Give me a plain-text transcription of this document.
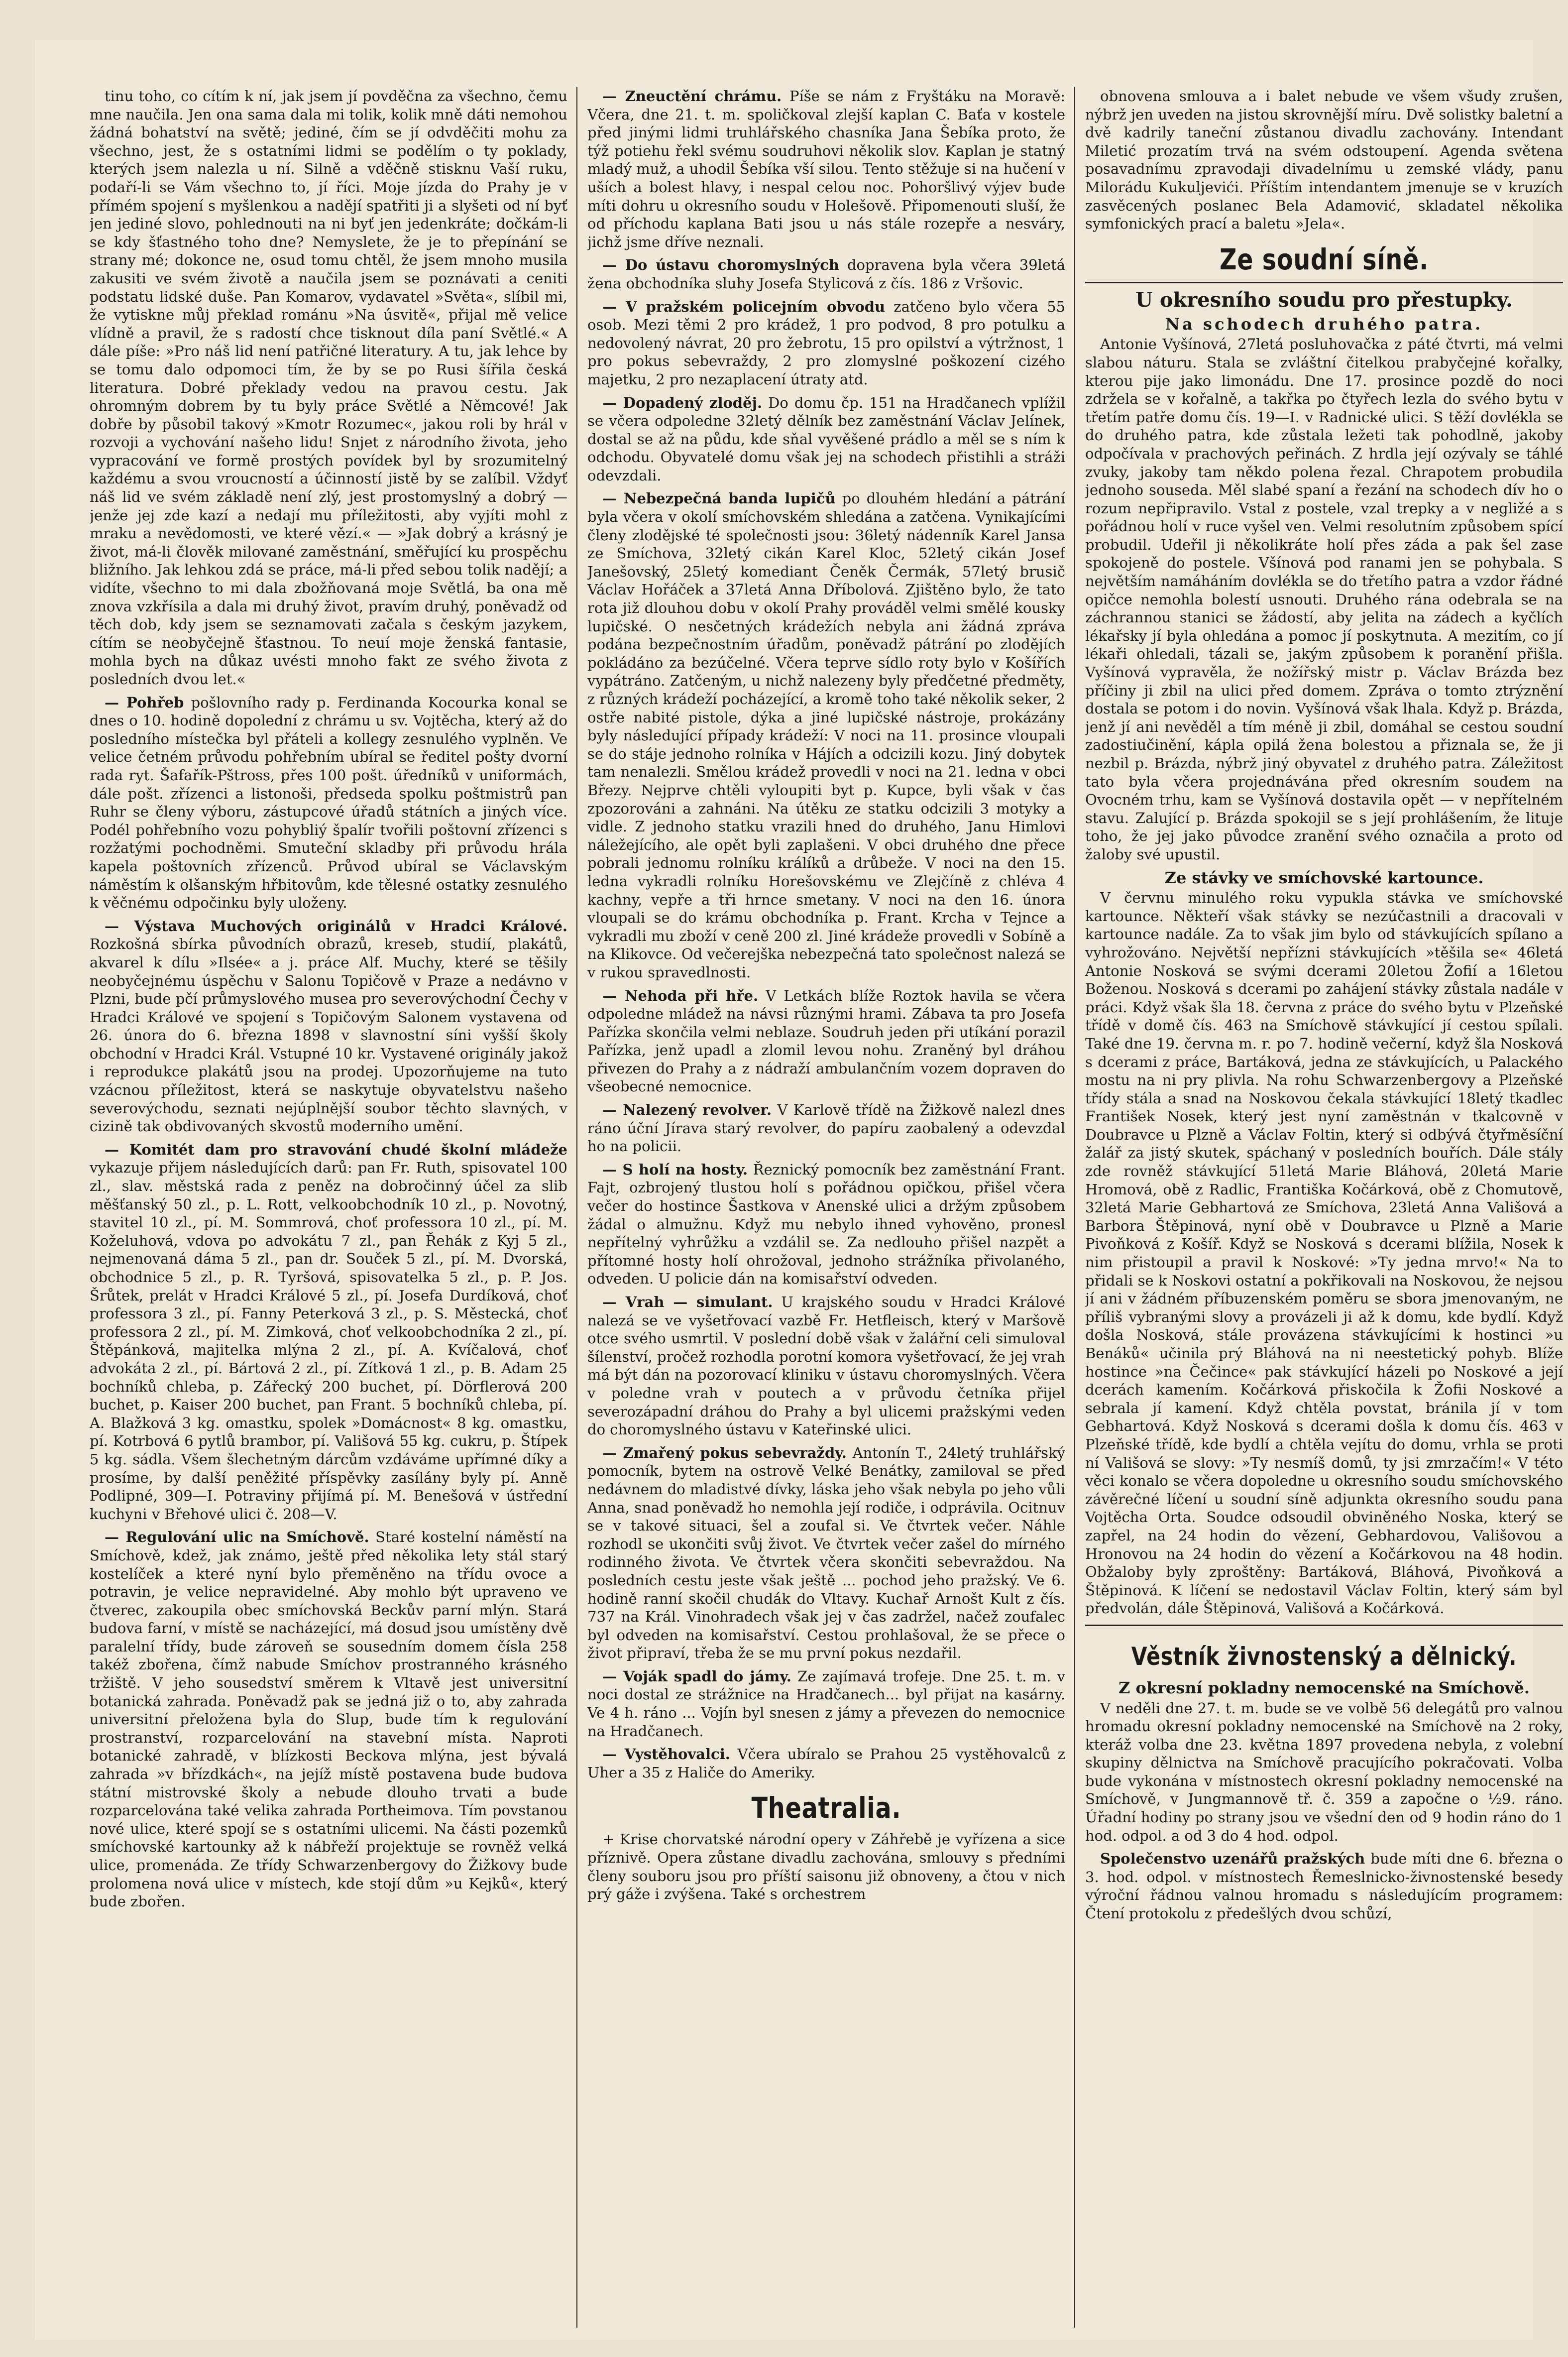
tinu toho, co cítím k ní, jak jsem jí povděčna za všechno, čemu mne naučila. Jen ona sama dala mi tolik, kolik mně dáti nemohou žádná bohatství na světě; jediné, čím se jí odvděčiti mohu za všechno, jest, že s ostatními lidmi se podělím o ty poklady, kterých jsem nalezla u ní. Silně a vděčně stisknu Vaší ruku, podaří-li se Vám všechno to, jí říci. Moje jízda do Prahy je v přímém spojení s myšlenkou a nadějí spatřiti ji a slyšeti od ní byť jen jediné slovo, pohlednouti na ni byť jen jedenkráte; dočkám-li se kdy šťastného toho dne? Nemyslete, že je to přepínání se strany mé; dokonce ne, osud tomu chtěl, že jsem mnoho musila zakusiti ve svém životě a naučila jsem se poznávati a ceniti podstatu lidské duše. Pan Komarov, vydavatel »Světa«, slíbil mi, že vytiskne můj překlad románu »Na úsvitě«, přijal mě velice vlídně a pravil, že s radostí chce tisknout díla paní Světlé.« A dále píše: »Pro náš lid není patřičné literatury. A tu, jak lehce by se tomu dalo odpomoci tím, že by se po Rusi šířila česká literatura. Dobré překlady vedou na pravou cestu. Jak ohromným dobrem by tu byly práce Světlé a Němcové! Jak dobře by působil takový »Kmotr Rozumec«, jakou roli by hrál v rozvoji a vychování našeho lidu! Snjet z národního života, jeho vypracování ve formě prostých povídek byl by srozumitelný každému a svou vroucností a účinností jistě by se zalíbil. Vždyť náš lid ve svém základě není zlý, jest prostomyslný a dobrý — jenže jej zde kazí a nedají mu příležitosti, aby vyjíti mohl z mraku a nevědomosti, ve které vězí.« — »Jak dobrý a krásný je život, má-li člověk milované zaměstnání, směřující ku prospěchu bližního. Jak lehkou zdá se práce, má-li před sebou tolik nadějí; a vidíte, všechno to mi dala zbožňovaná moje Světlá, ba ona mě znova vzkřísila a dala mi druhý život, pravím druhý, poněvadž od těch dob, kdy jsem se seznamovati začala s českým jazykem, cítím se neobyčejně šťastnou. To neuí moje ženská fantasie, mohla bych na důkaz uvésti mnoho fakt ze svého života z posledních dvou let.«

— Pohřeb pošlovního rady p. Ferdinanda Kocourka konal se dnes o 10. hodině dopolední z chrámu u sv. Vojtěcha, který až do posledního místečka byl přáteli a kollegy zesnulého vyplněn. Ve velice četném průvodu pohřebním ubíral se ředitel pošty dvorní rada ryt. Šafařík-Pštross, přes 100 pošt. úředníků v uniformách, dále pošt. zřízenci a listonoši, předseda spolku poštmistrů pan Ruhr se členy výboru, zástupcové úřadů státních a jiných více. Podél pohřebního vozu pohybliý špalír tvořili poštovní zřízenci s rozžatými pochodněmi. Smuteční skladby při průvodu hrála kapela poštovních zřízenců. Průvod ubíral se Václavským náměstím k olšanským hřbitovům, kde tělesné ostatky zesnulého k věčnému odpočinku byly uloženy.

— Výstava Muchových originálů v Hradci Králové. Rozkošná sbírka původních obrazů, kreseb, studií, plakátů, akvarel k dílu »Ilsée« a j. práce Alf. Muchy, které se těšily neobyčejnému úspěchu v Salonu Topičově v Praze a nedávno v Plzni, bude pčí průmyslového musea pro severovýchodní Čechy v Hradci Králové ve spojení s Topičovým Salonem vystavena od 26. února do 6. března 1898 v slavnostní síni vyšší školy obchodní v Hradci Král. Vstupné 10 kr. Vystavené originály jakož i reprodukce plakátů jsou na prodej. Upozorňujeme na tuto vzácnou příležitost, která se naskytuje obyvatelstvu našeho severovýchodu, seznati nejúplnější soubor těchto slavných, v cizině tak obdivovaných skvostů moderního umění.

— Komitét dam pro stravování chudé školní mládeže vykazuje přijem následujících darů: pan Fr. Ruth, spisovatel 100 zl., slav. městská rada z peněz na dobročinný účel za slib měšťanský 50 zl., p. L. Rott, velkoobchodník 10 zl., p. Novotný, stavitel 10 zl., pí. M. Sommrová, choť professora 10 zl., pí. M. Koželuhová, vdova po advokátu 7 zl., pan Řehák z Kyj 5 zl., nejmenovaná dáma 5 zl., pan dr. Souček 5 zl., pí. M. Dvorská, obchodnice 5 zl., p. R. Tyršová, spisovatelka 5 zl., p. P. Jos. Šrůtek, prelát v Hradci Králové 5 zl., pí. Josefa Durdíková, choť professora 3 zl., pí. Fanny Peterková 3 zl., p. S. Městecká, choť professora 2 zl., pí. M. Zimková, choť velkoobchodníka 2 zl., pí. Štěpánková, majitelka mlýna 2 zl., pí. A. Kvíčalová, choť advokáta 2 zl., pí. Bártová 2 zl., pí. Zítková 1 zl., p. B. Adam 25 bochníků chleba, p. Zářecký 200 buchet, pí. Dörflerová 200 buchet, p. Kaiser 200 buchet, pan Frant. 5 bochníků chleba, pí. A. Blažková 3 kg. omastku, spolek »Domácnost« 8 kg. omastku, pí. Kotrbová 6 pytlů brambor, pí. Vališová 55 kg. cukru, p. Štípek 5 kg. sádla. Všem šlechetným dárcům vzdáváme upřímné díky a prosíme, by další peněžité příspěvky zasílány byly pí. Anně Podlipné, 309—I. Potraviny přijímá pí. M. Benešová v ústřední kuchyni v Břehové ulici č. 208—V.

— Regulování ulic na Smíchově. Staré kostelní náměstí na Smíchově, kdež, jak známo, ještě před několika lety stál starý kostelíček a které nyní bylo přeměněno na třídu ovoce a potravin, je velice nepravidelné. Aby mohlo být upraveno ve čtverec, zakoupila obec smíchovská Beckův parní mlýn. Stará budova farní, v místě se nacházející, má dosud jsou umístěny dvě paralelní třídy, bude zároveň se sousedním domem čísla 258 takéž zbořena, čímž nabude Smíchov prostranného krásného tržiště. V jeho sousedství směrem k Vltavě jest universitní botanická zahrada. Poněvadž pak se jedná již o to, aby zahrada universitní přeložena byla do Slup, bude tím k regulování prostranství, rozparcelování na stavební místa. Naproti botanické zahradě, v blízkosti Beckova mlýna, jest bývalá zahrada »v břízdkách«, na jejíž místě postavena bude budova státní mistrovské školy a nebude dlouho trvati a bude rozparcelována také velika zahrada Portheimova. Tím povstanou nové ulice, které spojí se s ostatními ulicemi. Na části pozemků smíchovské kartounky až k nábřeží projektuje se rovněž velká ulice, promenáda. Ze třídy Schwarzenbergovy do Žižkovy bude prolomena nová ulice v místech, kde stojí dům »u Kejků«, který bude zbořen.

— Zneuctění chrámu. Píše se nám z Fryštáku na Moravě: Včera, dne 21. t. m. spoličkoval zlejší kaplan C. Baťa v kostele před jinými lidmi truhlářského chasníka Jana Šebíka proto, že týž potiehu řekl svému soudruhovi několik slov. Kaplan je statný mladý muž, a uhodil Šebíka vší silou. Tento stěžuje si na hučení v uších a bolest hlavy, i nespal celou noc. Pohoršlivý výjev bude míti dohru u okresního soudu v Holešově. Připomenouti sluší, že od příchodu kaplana Bati jsou u nás stále rozepře a nesváry, jichž jsme dříve neznali.

— Do ústavu choromyslných dopravena byla včera 39letá žena obchodníka sluhy Josefa Stylicová z čís. 186 z Vršovic.

— V pražském policejním obvodu zatčeno bylo včera 55 osob. Mezi těmi 2 pro krádež, 1 pro podvod, 8 pro potulku a nedovolený návrat, 20 pro žebrotu, 15 pro opilství a výtržnost, 1 pro pokus sebevraždy, 2 pro zlomyslné poškození cizého majetku, 2 pro nezaplacení útraty atd.

— Dopadený zloděj. Do domu čp. 151 na Hradčanech vplížil se včera odpoledne 32letý dělník bez zaměstnání Václav Jelínek, dostal se až na půdu, kde sňal vyvěšené prádlo a měl se s ním k odchodu. Obyvatelé domu však jej na schodech přistihli a stráži odevzdali.

— Nebezpečná banda lupičů po dlouhém hledání a pátrání byla včera v okolí smíchovském shledána a zatčena. Vynikajícími členy zlodějské té společnosti jsou: 36letý nádenník Karel Jansa ze Smíchova, 32letý cikán Karel Kloc, 52letý cikán Josef Janešovský, 25letý komediant Čeněk Čermák, 57letý brusič Václav Hořáček a 37letá Anna Dříbolová. Zjištěno bylo, že tato rota již dlouhou dobu v okolí Prahy prováděl velmi smělé kousky lupičské. O nesčetných krádežích nebyla ani žádná zpráva podána bezpečnostním úřadům, poněvadž pátrání po zlodějích pokládáno za bezúčelné. Včera teprve sídlo roty bylo v Košířích vypátráno. Zatčeným, u nichž nalezeny byly předčetné předměty, z různých krádeží pocházející, a kromě toho také několik seker, 2 ostře nabité pistole, dýka a jiné lupičské nástroje, prokázány byly následující případy krádeží: V noci na 11. prosince vloupali se do stáje jednoho rolníka v Hájích a odcizili kozu. Jiný dobytek tam nenalezli. Smělou krádež provedli v noci na 21. ledna v obci Březy. Nejprve chtěli vyloupiti byt p. Kupce, byli však v čas zpozorováni a zahnáni. Na útěku ze statku odcizili 3 motyky a vidle. Z jednoho statku vrazili hned do druhého, Janu Himlovi náležejícího, ale opět byli zaplašeni. V obci druhého dne přece pobrali jednomu rolníku králíků a drůbeže. V noci na den 15. ledna vykradli rolníku Horešovskému ve Zlejčíně z chléva 4 kachny, vepře a tři hrnce smetany. V noci na den 16. února vloupali se do krámu obchodníka p. Frant. Krcha v Tejnce a vykradli mu zboží v ceně 200 zl. Jiné krádeže provedli v Sobíně a na Klikovce. Od večerejška nebezpečná tato společnost nalezá se v rukou spravedlnosti.

— Nehoda při hře. V Letkách blíže Roztok havila se včera odpoledne mládež na návsi různými hrami. Zábava ta pro Josefa Pařízka skončila velmi neblaze. Soudruh jeden při utíkání porazil Pařízka, jenž upadl a zlomil levou nohu. Zraněný byl dráhou přivezen do Prahy a z nádraží ambulančním vozem dopraven do všeobecné nemocnice.

— Nalezený revolver. V Karlově třídě na Žižkově nalezl dnes ráno úční Jírava starý revolver, do papíru zaobalený a odevzdal ho na policii.

— S holí na hosty. Řeznický pomocník bez zaměstnání Frant. Fajt, ozbrojený tlustou holí s pořádnou opičkou, přišel včera večer do hostince Šastkova v Anenské ulici a držým způsobem žádal o almužnu. Když mu nebylo ihned vyhověno, pronesl nepřítelný vyhrůžku a vzdálil se. Za nedlouho přišel nazpět a přítomné hosty holí ohrožoval, jednoho strážníka přivolaného, odveden. U policie dán na komisařství odveden.

— Vrah — simulant. U krajského soudu v Hradci Králové nalezá se ve vyšetřovací vazbě Fr. Hetfleisch, který v Maršově otce svého usmrtil. V poslední době však v žalářní celi simuloval šílenství, pročež rozhodla porotní komora vyšetřovací, že jej vrah má být dán na pozorovací kliniku v ústavu choromyslných. Včera v poledne vrah v poutech a v průvodu četníka přijel severozápadní dráhou do Prahy a byl ulicemi pražskými veden do choromyslného ústavu v Kateřinské ulici.

— Zmařený pokus sebevraždy. Antonín T., 24letý truhlářský pomocník, bytem na ostrově Velké Benátky, zamiloval se před nedávnem do mladistvé dívky, láska jeho však nebyla po jeho vůli Anna, snad poněvadž ho nemohla její rodiče, i odprávila. Ocitnuv se v takové situaci, šel a zoufal si. Ve čtvrtek večer. Náhle rozhodl se ukončiti svůj život. Ve čtvrtek večer zašel do mírného rodinného života. Ve čtvrtek včera skončiti sebevraždou. Na posledních cestu jeste však ještě ... pochod jeho pražský. Ve 6. hodině ranní skočil chudák do Vltavy. Kuchař Arnošt Kult z čís. 737 na Král. Vinohradech však jej v čas zadržel, načež zoufalec byl odveden na komisařství. Cestou prohlašoval, že se přece o život připraví, třeba že se mu první pokus nezdařil.

— Voják spadl do jámy. Ze zajímavá trofeje. Dne 25. t. m. v noci dostal ze strážnice na Hradčanech... byl přijat na kasárny. Ve 4 h. ráno ... Vojín byl snesen z jámy a převezen do nemocnice na Hradčanech.

— Vystěhovalci. Včera ubíralo se Prahou 25 vystěhovalců z Uher a 35 z Haliče do Ameriky.

Theatralia.

+ Krise chorvatské národní opery v Záhřebě je vyřízena a sice příznivě. Opera zůstane divadlu zachována, smlouvy s předními členy souboru jsou pro příští saisonu již obnoveny, a čtou v nich prý gáže i zvýšena. Také s orchestrem

obnovena smlouva a i balet nebude ve všem všudy zrušen, nýbrž jen uveden na jistou skrovnější míru. Dvě solistky baletní a dvě kadrily taneční zůstanou divadlu zachovány. Intendant Miletić prozatím trvá na svém odstoupení. Agenda světena posavadnímu zpravodaji divadelnímu u zemské vlády, panu Milorádu Kukuljevići. Příštím intendantem jmenuje se v kruzích zasvěcených poslanec Bela Adamović, skladatel několika symfonických prací a baletu »Jela«.

Ze soudní síně.
U okresního soudu pro přestupky.
Na schodech druhého patra.

Antonie Vyšínová, 27letá posluhovačka z páté čtvrti, má velmi slabou náturu. Stala se zvláštní čitelkou prabyčejné kořalky, kterou pije jako limonádu. Dne 17. prosince pozdě do noci zdržela se v kořalně, a takřka po čtyřech lezla do svého bytu v třetím patře domu čís. 19—I. v Radnické ulici. S těží dovlékla se do druhého patra, kde zůstala ležeti tak pohodlně, jakoby odpočívala v prachových peřinách. Z hrdla její ozývaly se táhlé zvuky, jakoby tam někdo polena řezal. Chrapotem probudila jednoho souseda. Měl slabé spaní a řezání na schodech dív ho o rozum nepřipravilo. Vstal z postele, vzal trepky a v negližé a s pořádnou holí v ruce vyšel ven. Velmi resolutním způsobem spící probudil. Udeřil ji několikráte holí přes záda a pak šel zase spokojeně do postele. Všínová pod ranami jen se pohybala. S největším namáháním dovlékla se do třetího patra a vzdor řádné opičce nemohla bolestí usnouti. Druhého rána odebrala se na záchrannou stanici se žádostí, aby jelita na zádech a kyčlích lékařsky jí byla ohledána a pomoc jí poskytnuta. A mezitím, co jí lékaři ohledali, tázali se, jakým způsobem k poranění přišla. Vyšínová vypravěla, že nožířský mistr p. Václav Brázda bez příčiny ji zbil na ulici před domem. Zpráva o tomto ztrýznění dostala se potom i do novin. Vyšínová však lhala. Když p. Brázda, jenž jí ani nevěděl a tím méně ji zbil, domáhal se cestou soudní zadostiučinění, kápla opilá žena bolestou a přiznala se, že ji nezbil p. Brázda, nýbrž jiný obyvatel z druhého patra. Záležitost tato byla včera projednávána před okresním soudem na Ovocném trhu, kam se Vyšínová dostavila opět — v nepřítelném stavu. Zalující p. Brázda spokojil se s její prohlášením, že lituje toho, že jej jako původce zranění svého označila a proto od žaloby své upustil.

Ze stávky ve smíchovské kartounce.

V červnu minulého roku vypukla stávka ve smíchovské kartounce. Někteří však stávky se nezúčastnili a dracovali v kartounce nadále. Za to však jim bylo od stávkujících spílano a vyhrožováno. Největší nepřízni stávkujících »těšila se« 46letá Antonie Nosková se svými dcerami 20letou Žofií a 16letou Boženou. Nosková s dcerami po zahájení stávky zůstala nadále v práci. Když však šla 18. června z práce do svého bytu v Plzeňské třídě v domě čís. 463 na Smíchově stávkující jí cestou spílali. Také dne 19. června m. r. po 7. hodině večerní, když šla Nosková s dcerami z práce, Bartáková, jedna ze stávkujících, u Palackého mostu na ni pry plivla. Na rohu Schwarzenbergovy a Plzeňské třídy stála a snad na Noskovou čekala stávkující 18letý tkadlec František Nosek, který jest nyní zaměstnán v tkalcovně v Doubravce u Plzně a Václav Foltin, který si odbývá čtyřměsíční žalář za jistý skutek, spáchaný v posledních bouřích. Dále stály zde rovněž stávkující 51letá Marie Bláhová, 20letá Marie Hromová, obě z Radlic, Františka Kočárková, obě z Chomutově, 32letá Marie Gebhartová ze Smíchova, 23letá Anna Vališová a Barbora Štěpinová, nyní obě v Doubravce u Plzně a Marie Pivoňková z Košíř. Když se Nosková s dcerami blížila, Nosek k nim přistoupil a pravil k Noskové: »Ty jedna mrvo!« Na to přidali se k Noskovi ostatní a pokřikovali na Noskovou, že nejsou jí ani v žádném příbuzenském poměru se sbora jmenovaným, ne příliš vybranými slovy a provázeli ji až k domu, kde bydlí. Když došla Nosková, stále provázena stávkujícími k hostinci »u Benáků« učinila prý Bláhová na ni neestetický pohyb. Blíže hostince »na Čečince« pak stávkující házeli po Noskové a její dcerách kamením. Kočárková přiskočila k Žofii Noskové a sebrala jí kamení. Když chtěla povstat, bránila jí v tom Gebhartová. Když Nosková s dcerami došla k domu čís. 463 v Plzeňské třídě, kde bydlí a chtěla vejítu do domu, vrhla se proti ní Vališová se slovy: »Ty nesmíš domů, ty jsi zmrzačím!« V této věci konalo se včera dopoledne u okresního soudu smíchovského závěrečné líčení u soudní síně adjunkta okresního soudu pana Vojtěcha Orta. Soudce odsoudil obviněného Noska, který se zapřel, na 24 hodin do vězení, Gebhardovou, Vališovou a Hronovou na 24 hodin do vězení a Kočárkovou na 48 hodin. Obžaloby byly zproštěny: Bartáková, Bláhová, Pivoňková a Štěpinová. K líčení se nedostavil Václav Foltin, který sám byl předvolán, dále Štěpinová, Vališová a Kočárková.

Věstník živnostenský a dělnický.
Z okresní pokladny nemocenské na Smíchově.

V neděli dne 27. t. m. bude se ve volbě 56 delegátů pro valnou hromadu okresní pokladny nemocenské na Smíchově na 2 roky, kteráž volba dne 23. května 1897 provedena nebyla, z volební skupiny dělnictva na Smíchově pracujícího pokračovati. Volba bude vykonána v místnostech okresní pokladny nemocenské na Smíchově, v Jungmannově tř. č. 359 a započne o ½9. ráno. Úřadní hodiny po strany jsou ve všední den od 9 hodin ráno do 1 hod. odpol. a od 3 do 4 hod. odpol.

Společenstvo uzenářů pražských bude míti dne 6. března o 3. hod. odpol. v místnostech Řemeslnicko-živnostenské besedy výroční řádnou valnou hromadu s následujícím programem: Čtení protokolu z předešlých dvou schůzí,
